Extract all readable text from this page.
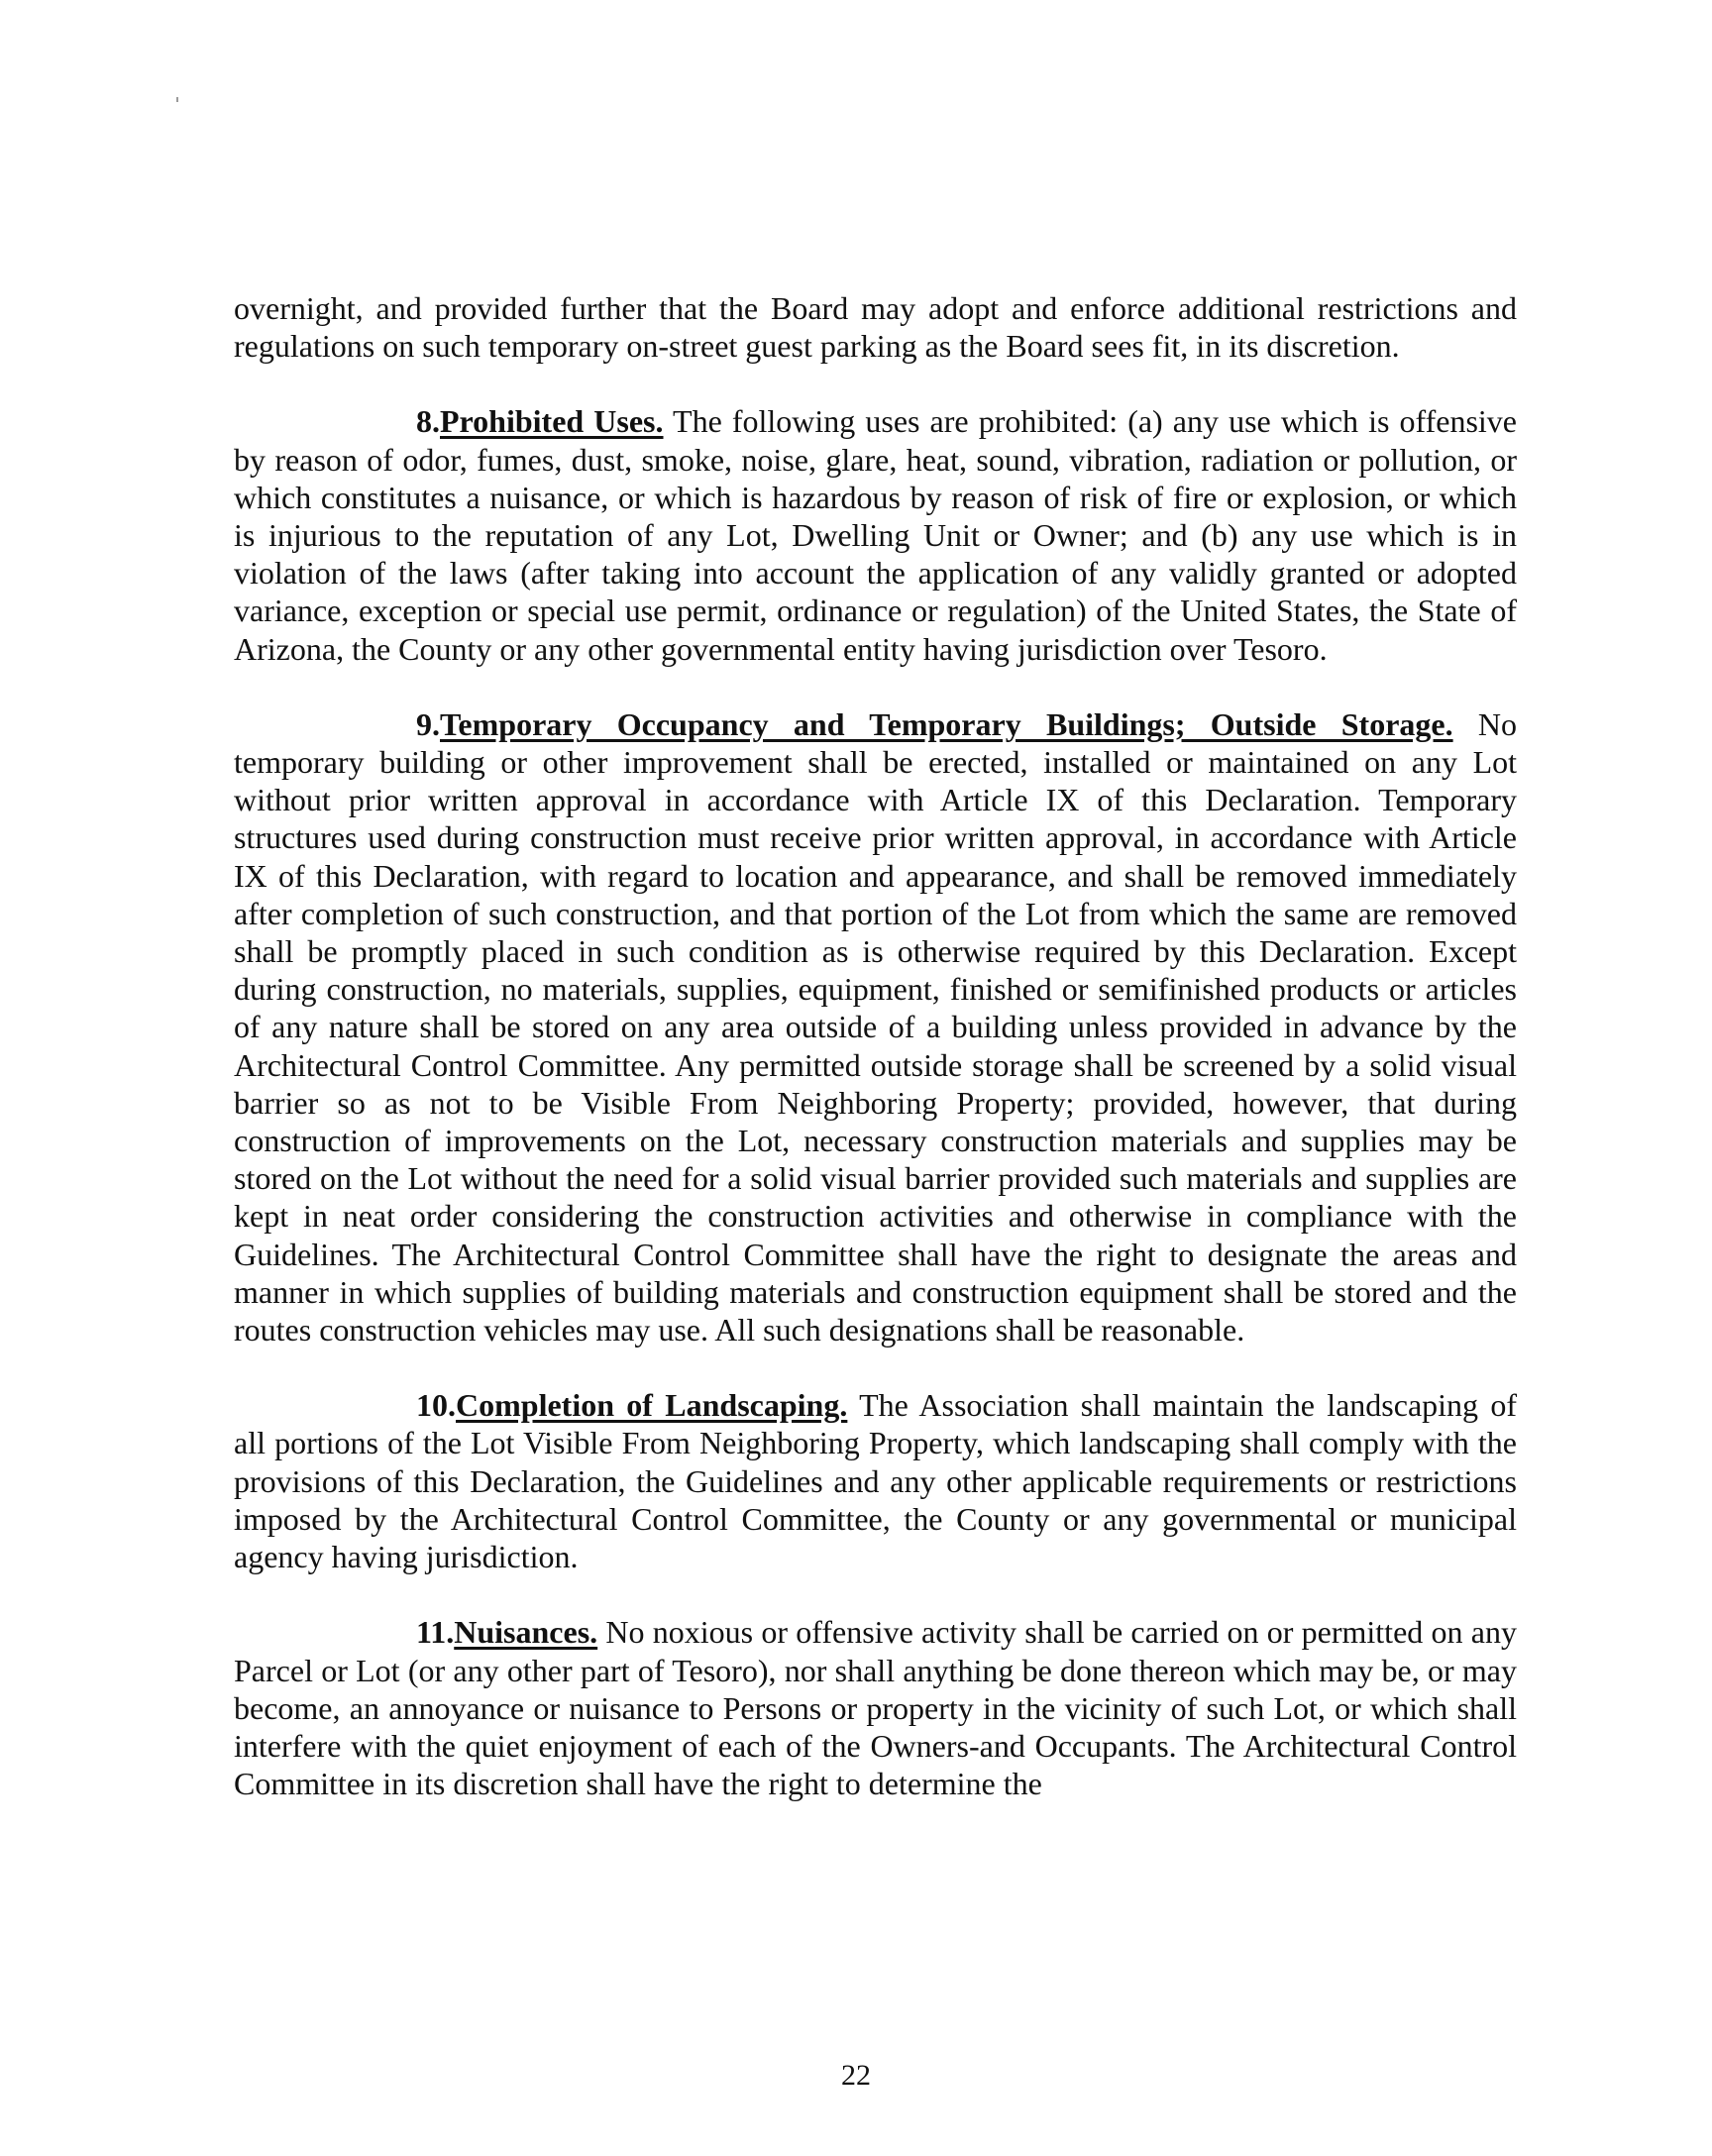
overnight, and provided further that the Board may adopt and enforce additional restrictions and regulations on such temporary on-street guest parking as the Board sees fit, in its discretion.

8.Prohibited Uses. The following uses are prohibited: (a) any use which is offensive by reason of odor, fumes, dust, smoke, noise, glare, heat, sound, vibration, radiation or pollution, or which constitutes a nuisance, or which is hazardous by reason of risk of fire or explosion, or which is injurious to the reputation of any Lot, Dwelling Unit or Owner; and (b) any use which is in violation of the laws (after taking into account the application of any validly granted or adopted variance, exception or special use permit, ordinance or regulation) of the United States, the State of Arizona, the County or any other governmental entity having jurisdiction over Tesoro.

9.Temporary Occupancy and Temporary Buildings; Outside Storage. No temporary building or other improvement shall be erected, installed or maintained on any Lot without prior written approval in accordance with Article IX of this Declaration. Temporary structures used during construction must receive prior written approval, in accordance with Article IX of this Declaration, with regard to location and appearance, and shall be removed immediately after completion of such construction, and that portion of the Lot from which the same are removed shall be promptly placed in such condition as is otherwise required by this Declaration. Except during construction, no materials, supplies, equipment, finished or semifinished products or articles of any nature shall be stored on any area outside of a building unless provided in advance by the Architectural Control Committee. Any permitted outside storage shall be screened by a solid visual barrier so as not to be Visible From Neighboring Property; provided, however, that during construction of improvements on the Lot, necessary construction materials and supplies may be stored on the Lot without the need for a solid visual barrier provided such materials and supplies are kept in neat order considering the construction activities and otherwise in compliance with the Guidelines. The Architectural Control Committee shall have the right to designate the areas and manner in which supplies of building materials and construction equipment shall be stored and the routes construction vehicles may use. All such designations shall be reasonable.

10.Completion of Landscaping. The Association shall maintain the landscaping of all portions of the Lot Visible From Neighboring Property, which landscaping shall comply with the provisions of this Declaration, the Guidelines and any other applicable requirements or restrictions imposed by the Architectural Control Committee, the County or any governmental or municipal agency having jurisdiction.

11.Nuisances. No noxious or offensive activity shall be carried on or permitted on any Parcel or Lot (or any other part of Tesoro), nor shall anything be done thereon which may be, or may become, an annoyance or nuisance to Persons or property in the vicinity of such Lot, or which shall interfere with the quiet enjoyment of each of the Owners-and Occupants. The Architectural Control Committee in its discretion shall have the right to determine the

22
